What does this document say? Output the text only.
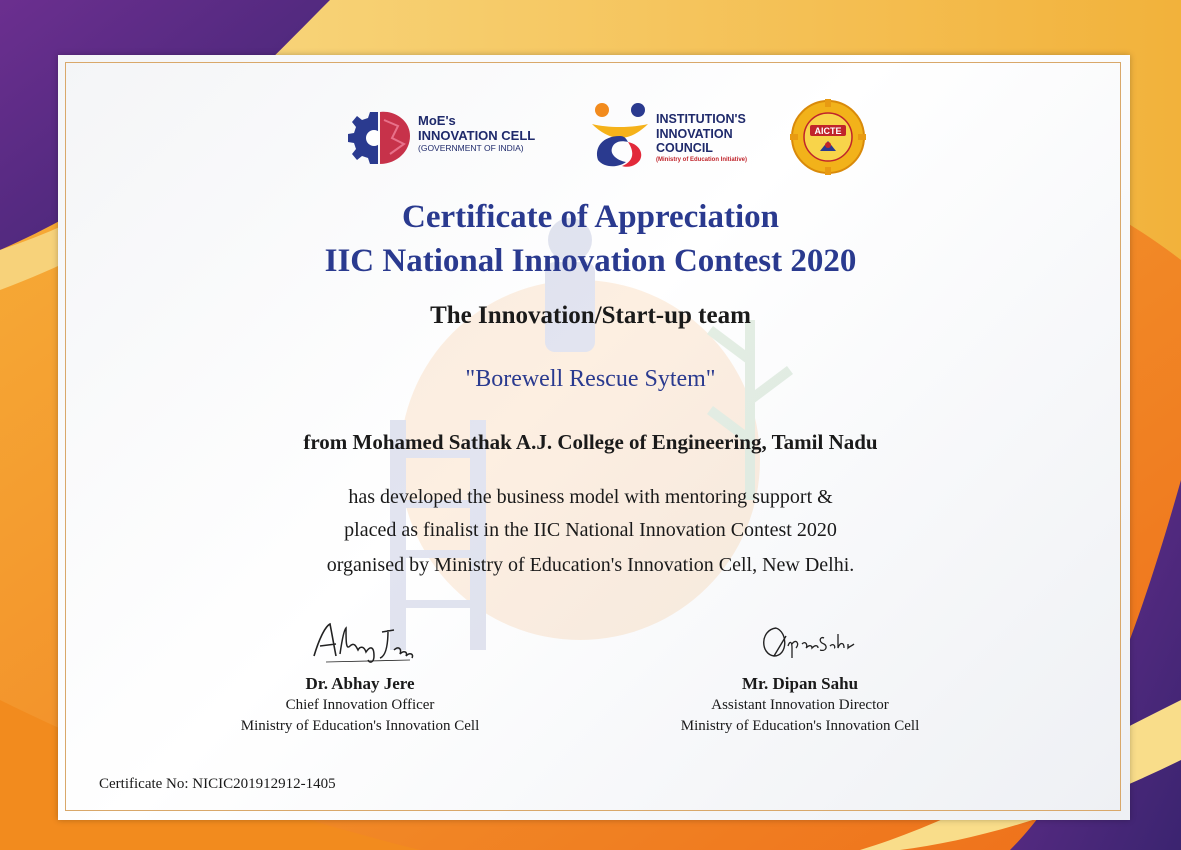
MoE's
INNOVATION CELL
(GOVERNMENT OF INDIA)
INSTITUTION'S
INNOVATION
COUNCIL
(Ministry of Education Initiative)
AICTE
Certificate of Appreciation
IIC National Innovation Contest 2020
The Innovation/Start-up team
"Borewell Rescue Sytem"
from Mohamed Sathak A.J. College of Engineering, Tamil Nadu
has developed the business model with mentoring support &
placed as finalist in the IIC National Innovation Contest 2020
organised by Ministry of Education's Innovation Cell, New Delhi.
Dr. Abhay Jere
Chief Innovation Officer
Ministry of Education's Innovation Cell
Mr. Dipan Sahu
Assistant Innovation Director
Ministry of Education's Innovation Cell
Certificate No: NICIC201912912-1405
